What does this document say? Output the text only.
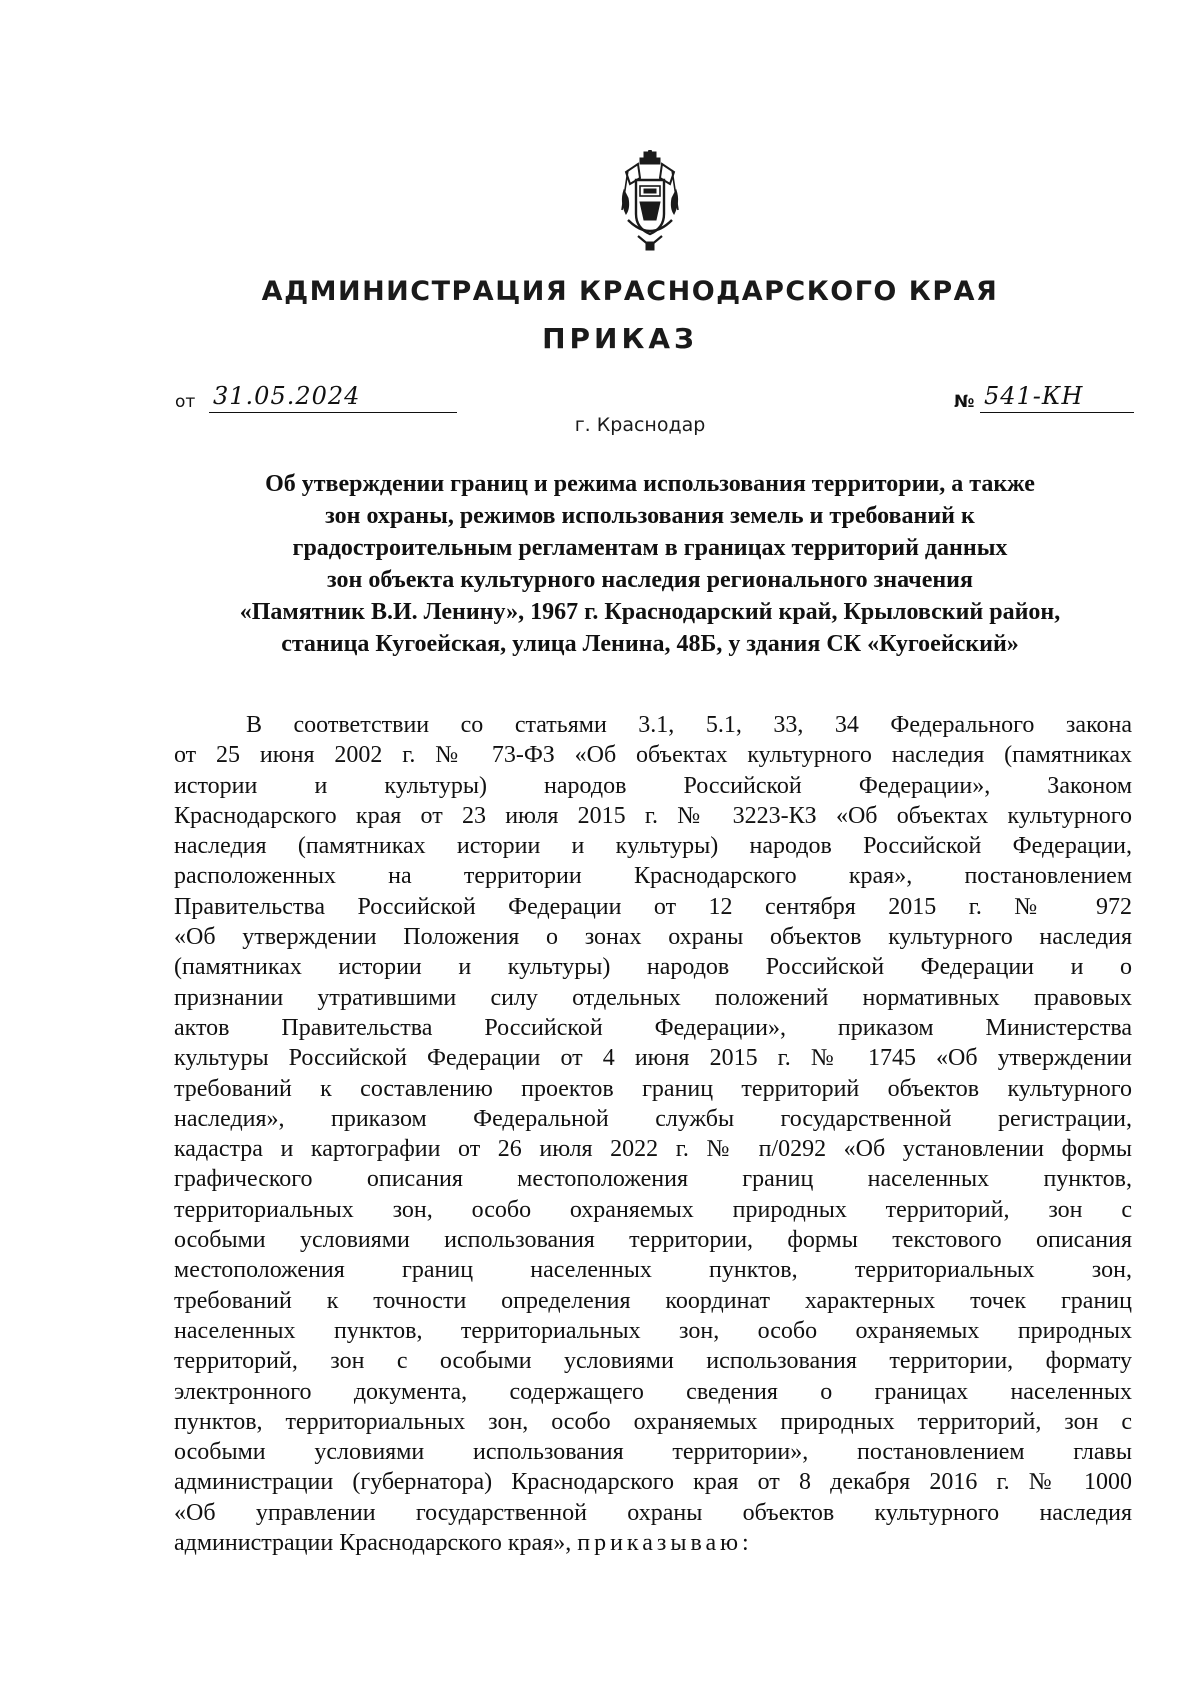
АДМИНИСТРАЦИЯ КРАСНОДАРСКОГО КРАЯ
ПРИКАЗ
от 31.05.2024	№ 541-КН
г. Краснодар
Об утверждении границ и режима использования территории, а также
зон охраны, режимов использования земель и требований к
градостроительным регламентам в границах территорий данных
зон объекта культурного наследия регионального значения
«Памятник В.И. Ленину», 1967 г. Краснодарский край, Крыловский район,
станица Кугоейская, улица Ленина, 48Б, у здания СК «Кугоейский»
В соответствии со статьями 3.1, 5.1, 33, 34 Федерального закона
от 25 июня 2002 г. № 73-ФЗ «Об объектах культурного наследия (памятниках
истории и культуры) народов Российской Федерации», Законом
Краснодарского края от 23 июля 2015 г. № 3223-КЗ «Об объектах культурного
наследия (памятниках истории и культуры) народов Российской Федерации,
расположенных на территории Краснодарского края», постановлением
Правительства Российской Федерации от 12 сентября 2015 г. № 972
«Об утверждении Положения о зонах охраны объектов культурного наследия
(памятниках истории и культуры) народов Российской Федерации и о
признании утратившими силу отдельных положений нормативных правовых
актов Правительства Российской Федерации», приказом Министерства
культуры Российской Федерации от 4 июня 2015 г. № 1745 «Об утверждении
требований к составлению проектов границ территорий объектов культурного
наследия», приказом Федеральной службы государственной регистрации,
кадастра и картографии от 26 июля 2022 г. № п/0292 «Об установлении формы
графического описания местоположения границ населенных пунктов,
территориальных зон, особо охраняемых природных территорий, зон с
особыми условиями использования территории, формы текстового описания
местоположения границ населенных пунктов, территориальных зон,
требований к точности определения координат характерных точек границ
населенных пунктов, территориальных зон, особо охраняемых природных
территорий, зон с особыми условиями использования территории, формату
электронного документа, содержащего сведения о границах населенных
пунктов, территориальных зон, особо охраняемых природных территорий, зон с
особыми условиями использования территории», постановлением главы
администрации (губернатора) Краснодарского края от 8 декабря 2016 г. № 1000
«Об управлении государственной охраны объектов культурного наследия
администрации Краснодарского края», приказываю:
